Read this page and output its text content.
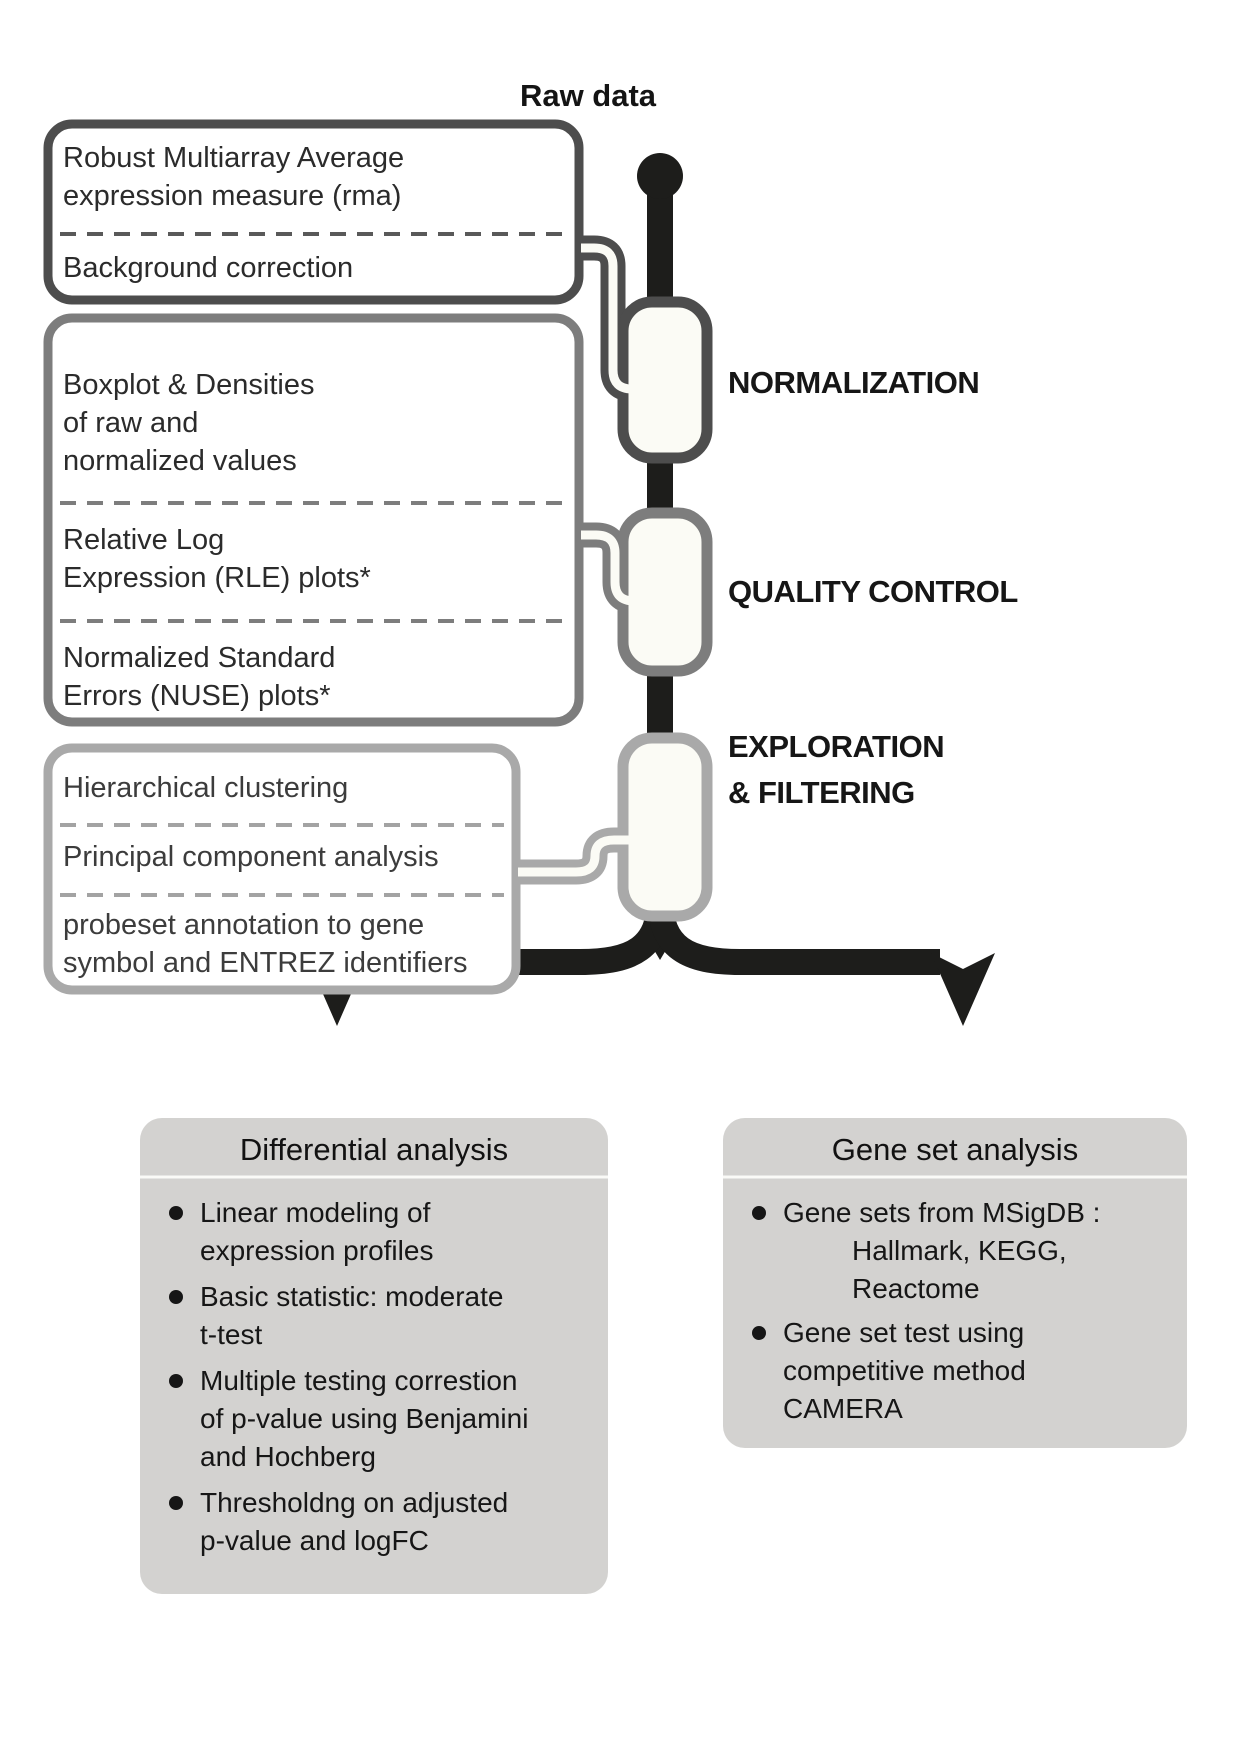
Robust Multiarray Average
expression measure (rma)
Background correction
Boxplot & Densities
of raw and
normalized values
Relative Log
Expression (RLE) plots*
Normalized Standard
Errors (NUSE) plots*
Hierarchical clustering
Principal component analysis
probeset annotation to gene
symbol and ENTREZ identifiers
Raw data
NORMALIZATION
QUALITY CONTROL
EXPLORATION
& FILTERING
Differential analysis
Linear modeling of
expression profiles
Basic statistic: moderate
t-test
Multiple testing correstion
of p-value using Benjamini
and Hochberg
Thresholdng on adjusted
p-value and logFC
Gene set analysis
Gene sets from MSigDB :
Hallmark, KEGG,
Reactome
Gene set test using
competitive method
CAMERA
